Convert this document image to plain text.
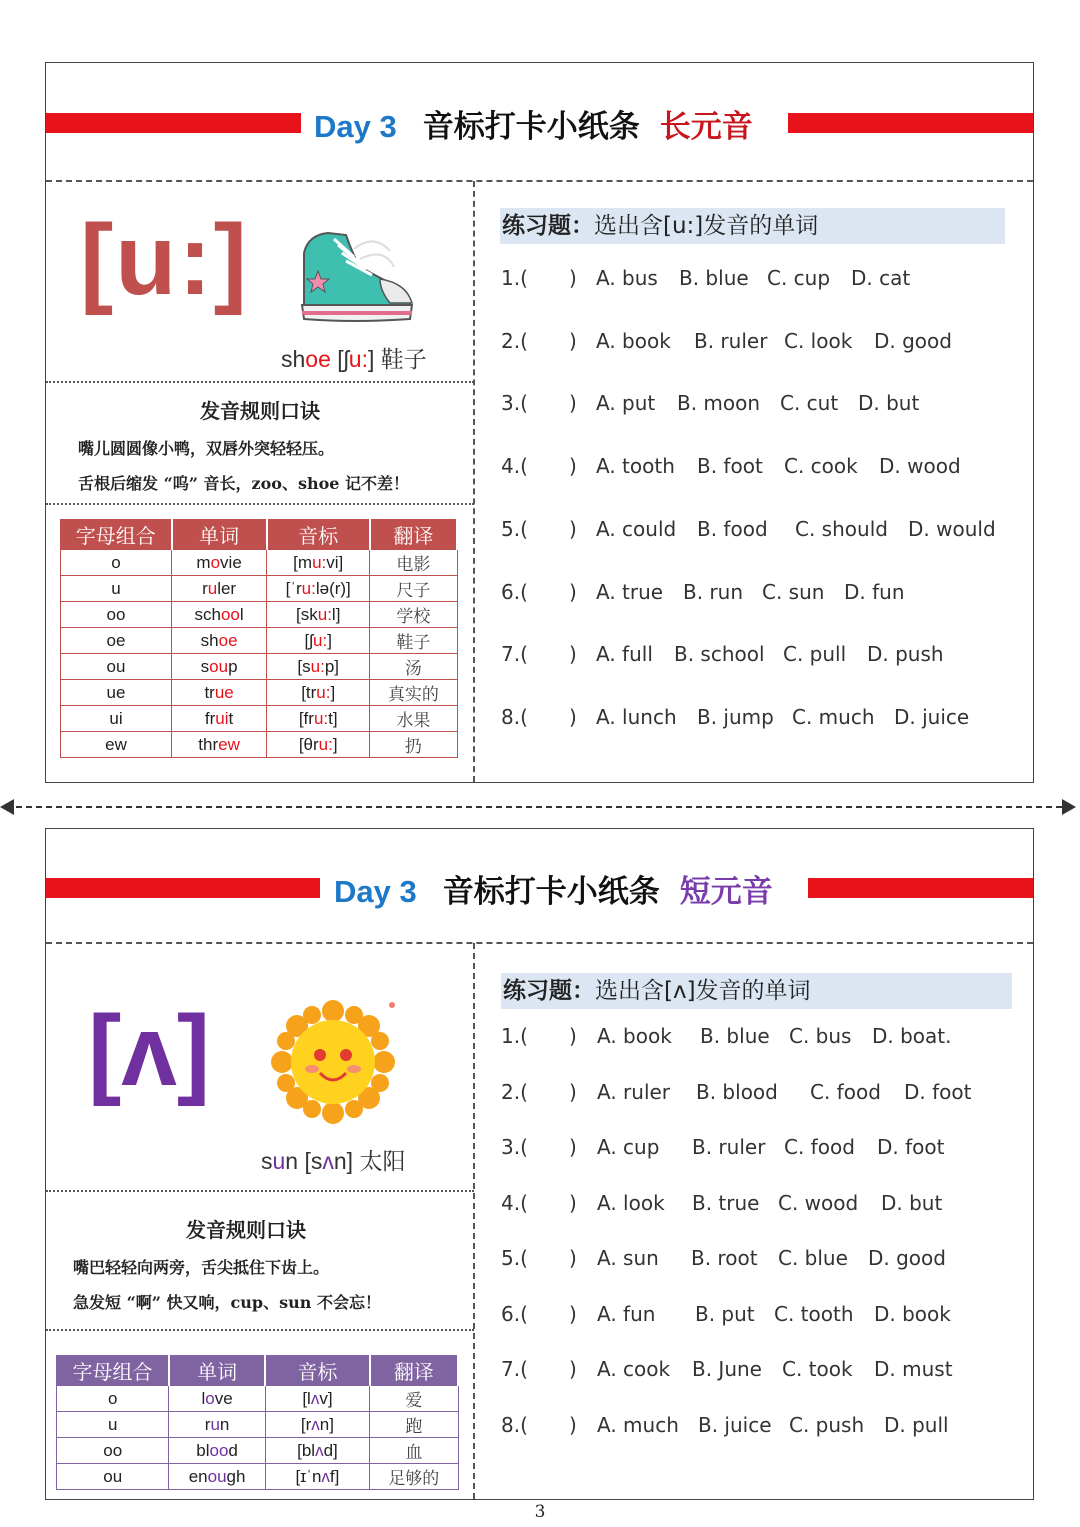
Day 3 音标打卡小纸条 长元音
[u:]
shoe [ʃu:] 鞋子
发音规则口诀
嘴儿圆圆像小鸭，双唇外突轻轻压。
舌根后缩发 “呜” 音长，zoo、shoe 记不差！
字母组合	单词	音标	翻译
o	movie	[mu:vi]	电影
u	ruler	[ˈru:lə(r)]	尺子
oo	school	[sku:l]	学校
oe	shoe	[ʃu:]	鞋子
ou	soup	[su:p]	汤
ue	true	[tru:]	真实的
ui	fruit	[fru:t]	水果
ew	threw	[θru:]	扔
练习题：选出含[u:]发音的单词
1.( ) A. bus B. blue C. cup D. cat
2.( ) A. book B. ruler C. look D. good
3.( ) A. put B. moon C. cut D. but
4.( ) A. tooth B. foot C. cook D. wood
5.( ) A. could B. food C. should D. would
6.( ) A. true B. run C. sun D. fun
7.( ) A. full B. school C. pull D. push
8.( ) A. lunch B. jump C. much D. juice
Day 3 音标打卡小纸条 短元音
[ʌ]
sun [sʌn] 太阳
发音规则口诀
嘴巴轻轻向两旁，舌尖抵住下齿上。
急发短 “啊” 快又响，cup、sun 不会忘！
字母组合	单词	音标	翻译
o	love	[lʌv]	爱
u	run	[rʌn]	跑
oo	blood	[blʌd]	血
ou	enough	[ɪˈnʌf]	足够的
练习题：选出含[ʌ]发音的单词
1.( ) A. book B. blue C. bus D. boat.
2.( ) A. ruler B. blood C. food D. foot
3.( ) A. cup B. ruler C. food D. foot
4.( ) A. look B. true C. wood D. but
5.( ) A. sun B. root C. blue D. good
6.( ) A. fun B. put C. tooth D. book
7.( ) A. cook B. June C. took D. must
8.( ) A. much B. juice C. push D. pull
3
